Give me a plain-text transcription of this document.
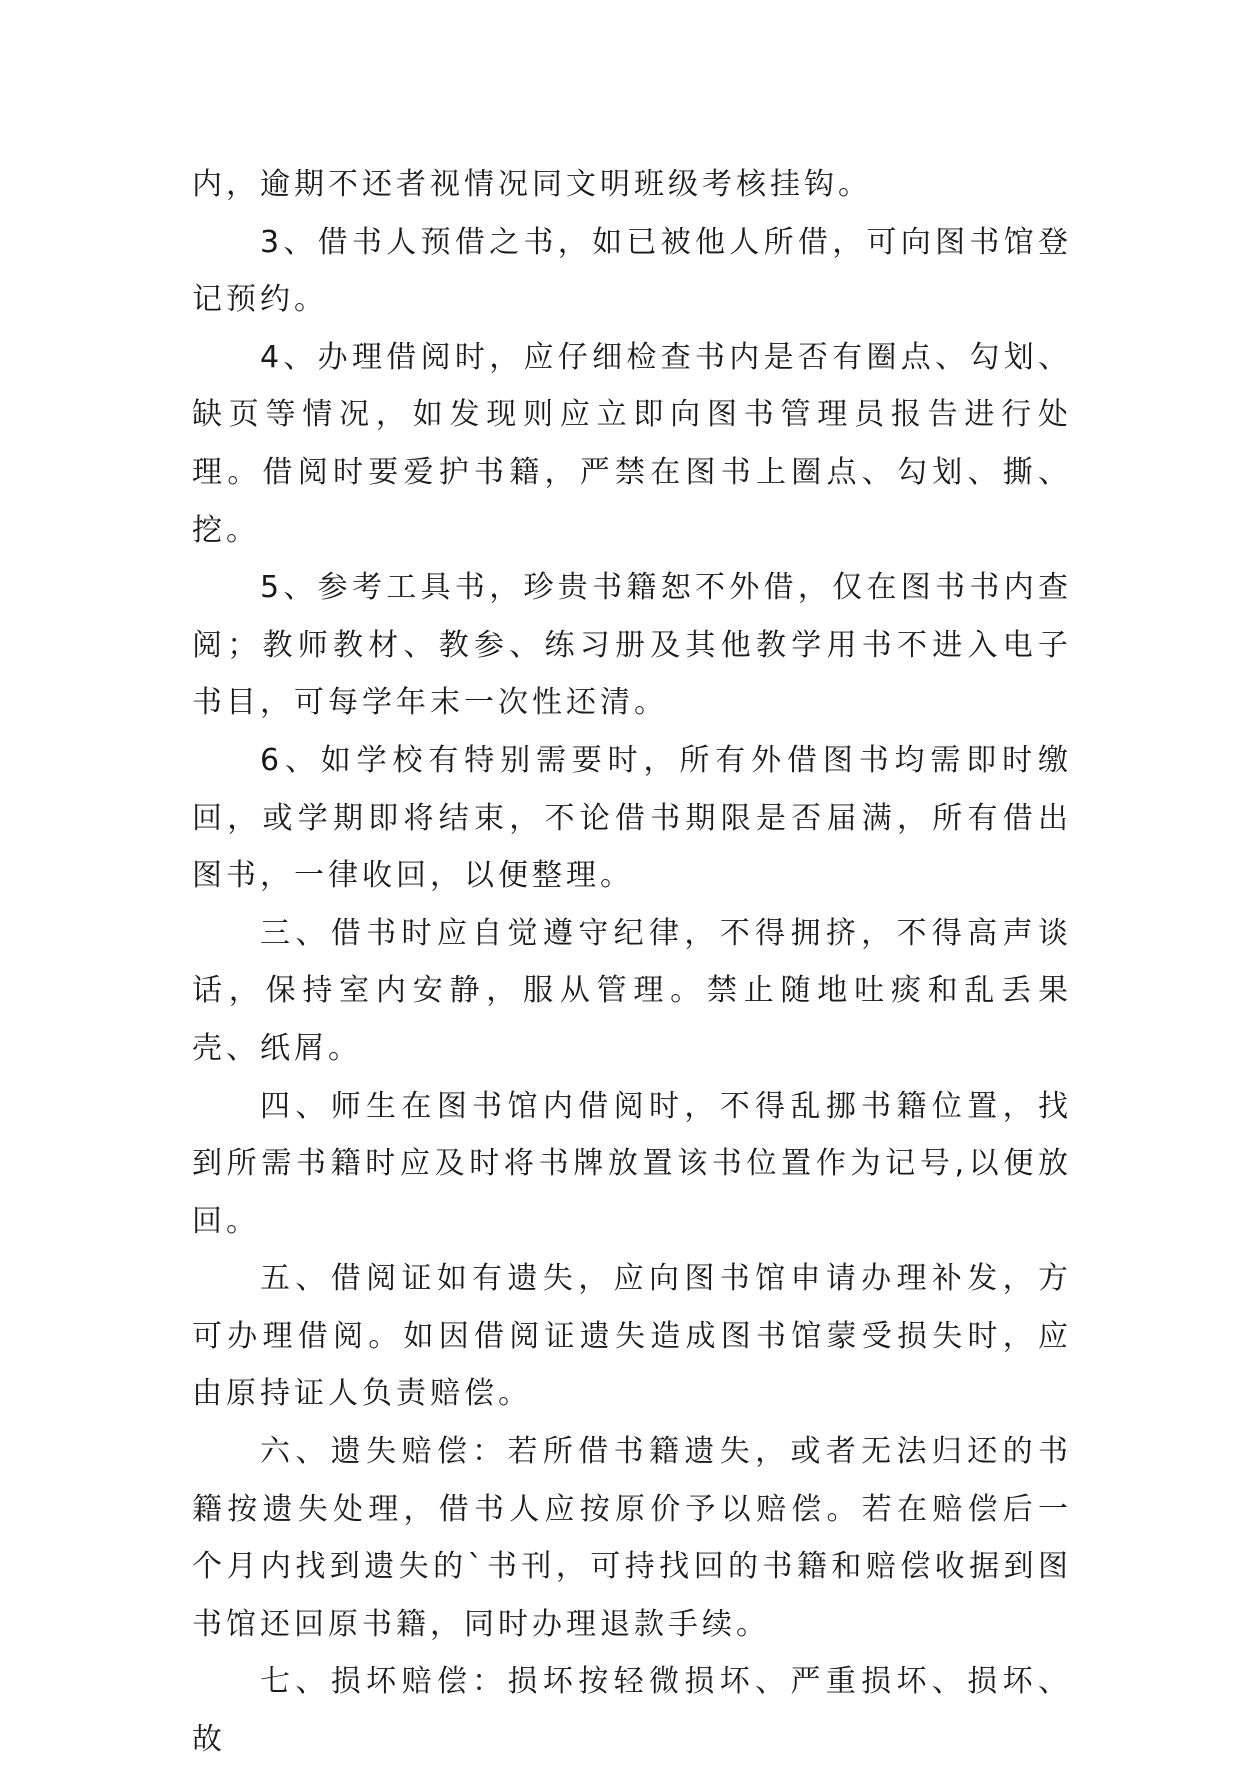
内，逾期不还者视情况同文明班级考核挂钩。

3、借书人预借之书，如已被他人所借，可向图书馆登记预约。

4、办理借阅时，应仔细检查书内是否有圈点、勾划、缺页等情况，如发现则应立即向图书管理员报告进行处理。借阅时要爱护书籍，严禁在图书上圈点、勾划、撕、挖。

5、参考工具书，珍贵书籍恕不外借，仅在图书书内查阅；教师教材、教参、练习册及其他教学用书不进入电子书目，可每学年末一次性还清。

6、如学校有特别需要时，所有外借图书均需即时缴回，或学期即将结束，不论借书期限是否届满，所有借出图书，一律收回，以便整理。

三、借书时应自觉遵守纪律，不得拥挤，不得高声谈话，保持室内安静，服从管理。禁止随地吐痰和乱丢果壳、纸屑。

四、师生在图书馆内借阅时，不得乱挪书籍位置，找到所需书籍时应及时将书牌放置该书位置作为记号,以便放回。

五、借阅证如有遗失，应向图书馆申请办理补发，方可办理借阅。如因借阅证遗失造成图书馆蒙受损失时，应由原持证人负责赔偿。

六、遗失赔偿：若所借书籍遗失，或者无法归还的书籍按遗失处理，借书人应按原价予以赔偿。若在赔偿后一个月内找到遗失的`书刊，可持找回的书籍和赔偿收据到图书馆还回原书籍，同时办理退款手续。

七、损坏赔偿：损坏按轻微损坏、严重损坏、损坏、故
